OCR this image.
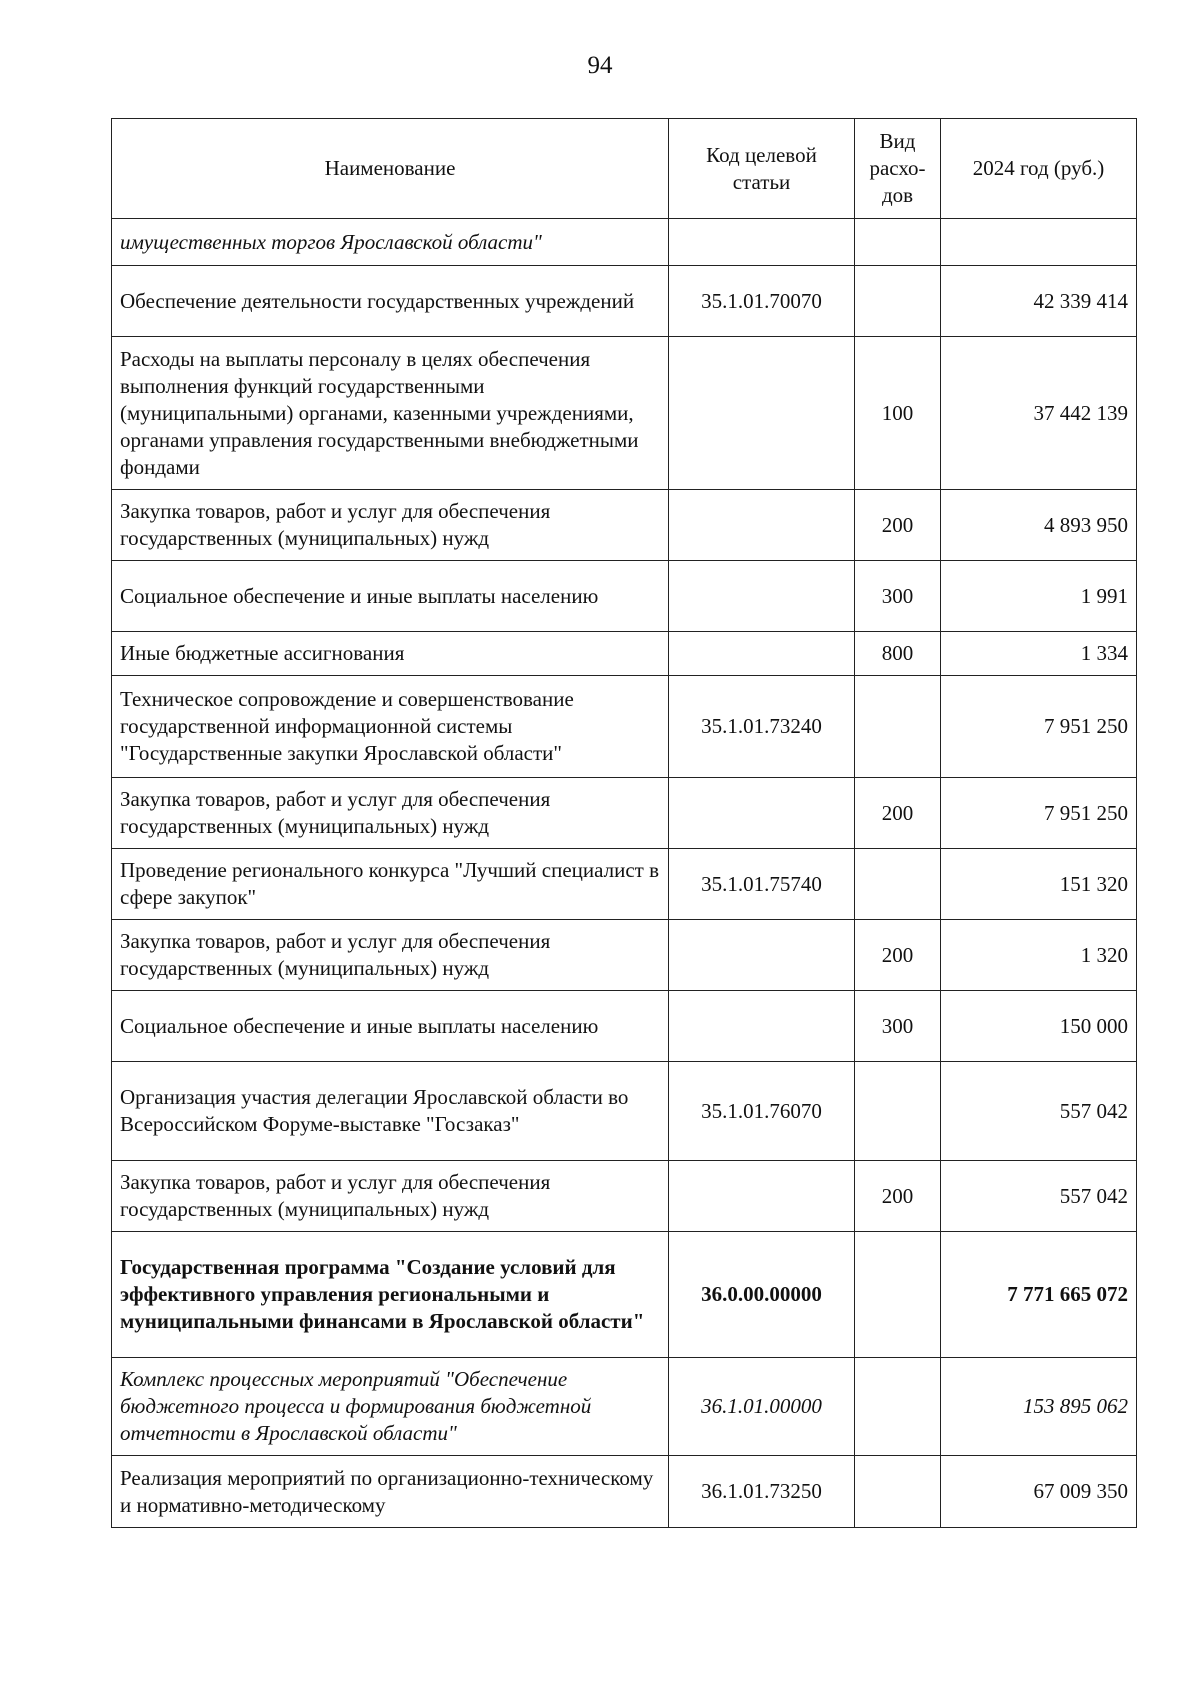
94
Наименование	Код целевой статьи	Вид расхо-дов	2024 год (руб.)
имущественных торгов Ярославской области"			
Обеспечение деятельности государственных учреждений	35.1.01.70070		42 339 414
Расходы на выплаты персоналу в целях обеспечения выполнения функций государственными (муниципальными) органами, казенными учреждениями, органами управления государственными внебюджетными фондами		100	37 442 139
Закупка товаров, работ и услуг для обеспечения государственных (муниципальных) нужд		200	4 893 950
Социальное обеспечение и иные выплаты населению		300	1 991
Иные бюджетные ассигнования		800	1 334
Техническое сопровождение и совершенствование государственной информационной системы "Государственные закупки Ярославской области"	35.1.01.73240		7 951 250
Закупка товаров, работ и услуг для обеспечения государственных (муниципальных) нужд		200	7 951 250
Проведение регионального конкурса "Лучший специалист в сфере закупок"	35.1.01.75740		151 320
Закупка товаров, работ и услуг для обеспечения государственных (муниципальных) нужд		200	1 320
Социальное обеспечение и иные выплаты населению		300	150 000
Организация участия делегации Ярославской области во Всероссийском Форуме-выставке "Госзаказ"	35.1.01.76070		557 042
Закупка товаров, работ и услуг для обеспечения государственных (муниципальных) нужд		200	557 042
Государственная программа "Создание условий для эффективного управления региональными и муниципальными финансами в Ярославской области"	36.0.00.00000		7 771 665 072
Комплекс процессных мероприятий "Обеспечение бюджетного процесса и формирования бюджетной отчетности в Ярославской области"	36.1.01.00000		153 895 062
Реализация мероприятий по организационно-техническому и нормативно-методическому	36.1.01.73250		67 009 350
